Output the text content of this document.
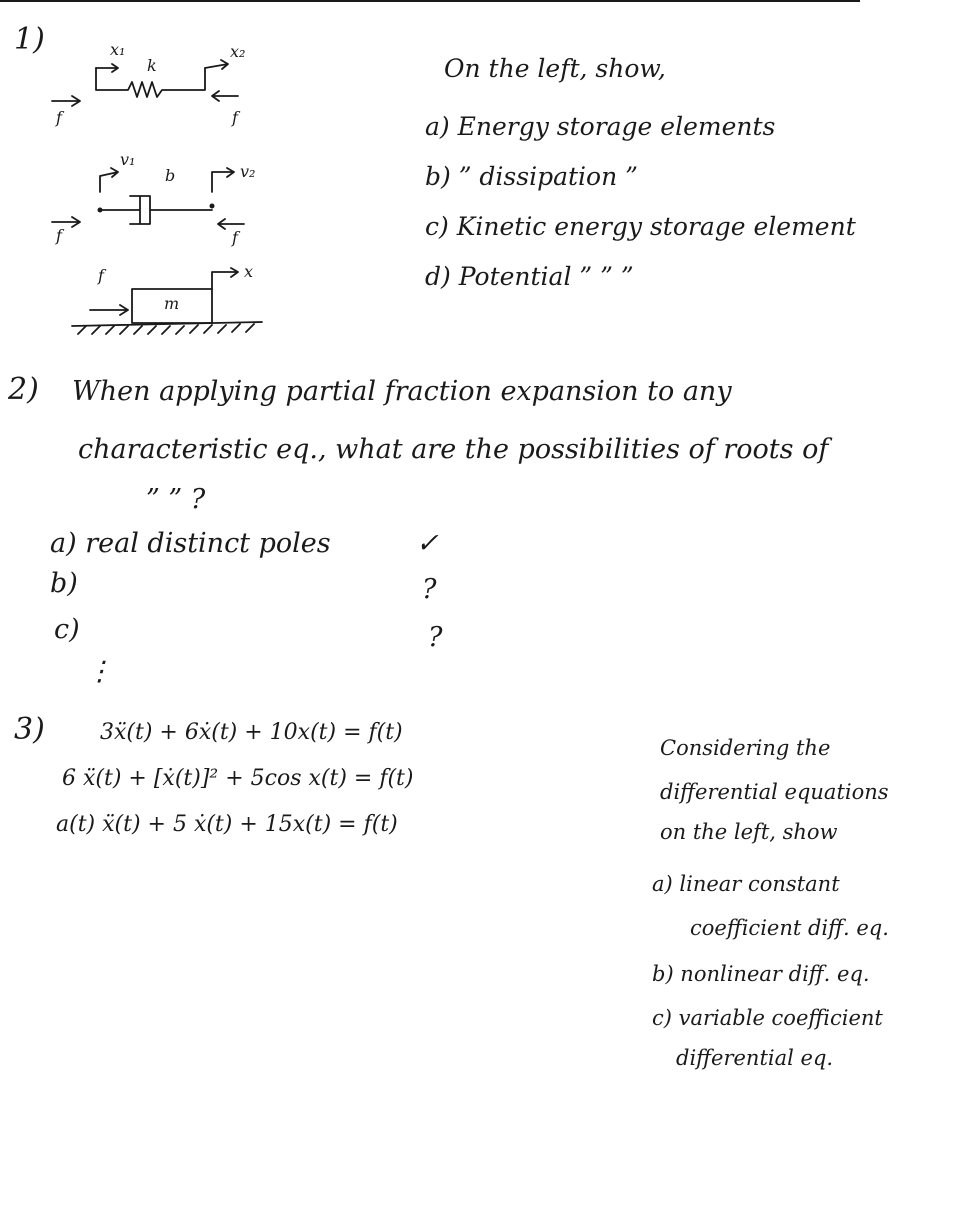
1)	x₁
k
x₂
f	f
v₁
b	v₂
f	f
f
m
x
On the left, show,
a) Energy storage elements
b) ” dissipation ”
c) Kinetic energy storage element
d) Potential ” ” ”
2) When applying partial fraction expansion to any
characteristic eq., what are the possibilities of roots of
” ” ?
a) real distinct poles	✓
b)	?
c)	?
⋮
3)	3ẍ(t) + 6ẋ(t) + 10x(t) = f(t)
6 ẍ(t) + [ẋ(t)]² + 5cos x(t) = f(t)
a(t) ẍ(t) + 5 ẋ(t) + 15x(t) = f(t)
Considering the
differential equations
on the left, show
a) linear constant
coefficient diff. eq.
b) nonlinear diff. eq.
c) variable coefficient
differential eq.
